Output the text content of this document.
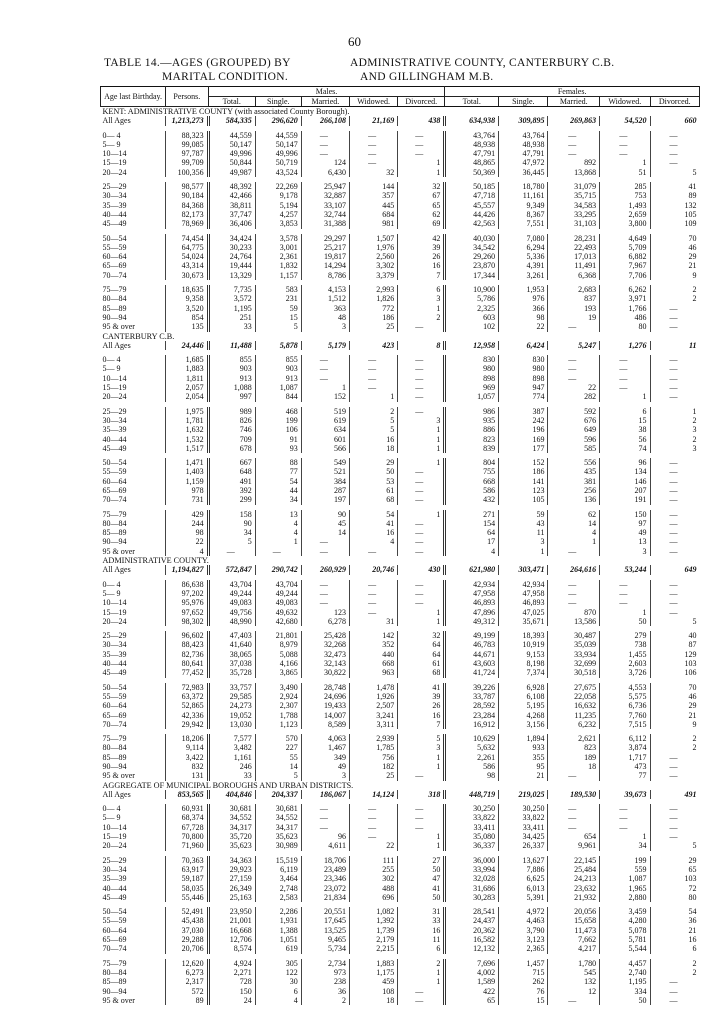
60
TABLE 14.—AGES (GROUPED) BY
MARITAL CONDITION.
ADMINISTRATIVE COUNTY, CANTERBURY C.B.
AND GILLINGHAM M.B.
Age last Birthday.	Persons.	Males.					Females.				
		Total.	Single.	Married.	Widowed.	Divorced.	Total.	Single.	Married.	Widowed.	Divorced.
KENT: ADMINISTRATIVE COUNTY (with associated County Borough).											
All Ages	1,213,273	584,335	296,620	266,108	21,169	438	634,938	309,895	269,863	54,520	660

0— 4	88,323	44,559	44,559	—	—	—	43,764	43,764	—	—	—
5— 9	99,085	50,147	50,147	—	—	—	48,938	48,938	—	—	—
10—14	97,787	49,996	49,996	—	—	—	47,791	47,791	—	—	—
15—19	99,709	50,844	50,719	124	—	1	48,865	47,972	892	1	—
20—24	100,356	49,987	43,524	6,430	32	1	50,369	36,445	13,868	51	5

25—29	98,577	48,392	22,269	25,947	144	32	50,185	18,780	31,079	285	41
30—34	90,184	42,466	9,178	32,887	357	67	47,718	11,161	35,715	753	89
35—39	84,368	38,811	5,194	33,107	445	65	45,557	9,349	34,583	1,493	132
40—44	82,173	37,747	4,257	32,744	684	62	44,426	8,367	33,295	2,659	105
45—49	78,969	36,406	3,853	31,388	981	69	42,563	7,551	31,103	3,800	109

50—54	74,454	34,424	3,578	29,297	1,507	42	40,030	7,080	28,231	4,649	70
55—59	64,775	30,233	3,001	25,217	1,976	39	34,542	6,294	22,493	5,709	46
60—64	54,024	24,764	2,361	19,817	2,560	26	29,260	5,336	17,013	6,882	29
65—69	43,314	19,444	1,832	14,294	3,302	16	23,870	4,391	11,491	7,967	21
70—74	30,673	13,329	1,157	8,786	3,379	7	17,344	3,261	6,368	7,706	9

75—79	18,635	7,735	583	4,153	2,993	6	10,900	1,953	2,683	6,262	2
80—84	9,358	3,572	231	1,512	1,826	3	5,786	976	837	3,971	2
85—89	3,520	1,195	59	363	772	1	2,325	366	193	1,766	—
90—94	854	251	15	48	186	2	603	98	19	486	—
95 & over	135	33	5	3	25	—	102	22	—	80	—
CANTERBURY C.B.											
All Ages	24,446	11,488	5,878	5,179	423	8	12,958	6,424	5,247	1,276	11

0— 4	1,685	855	855	—	—	—	830	830	—	—	—
5— 9	1,883	903	903	—	—	—	980	980	—	—	—
10—14	1,811	913	913	—	—	—	898	898	—	—	—
15—19	2,057	1,088	1,087	1	—	—	969	947	22	—	—
20—24	2,054	997	844	152	1	—	1,057	774	282	1	—

25—29	1,975	989	468	519	2	—	986	387	592	6	1
30—34	1,781	826	199	619	5	3	935	242	676	15	2
35—39	1,632	746	106	634	5	1	886	196	649	38	3
40—44	1,532	709	91	601	16	1	823	169	596	56	2
45—49	1,517	678	93	566	18	1	839	177	585	74	3

50—54	1,471	667	88	549	29	1	804	152	556	96	—
55—59	1,403	648	77	521	50	—	755	186	435	134	—
60—64	1,159	491	54	384	53	—	668	141	381	146	—
65—69	978	392	44	287	61	—	586	123	256	207	—
70—74	731	299	34	197	68	—	432	105	136	191	—

75—79	429	158	13	90	54	1	271	59	62	150	—
80—84	244	90	4	45	41	—	154	43	14	97	—
85—89	98	34	4	14	16	—	64	11	4	49	—
90—94	22	5	1	—	4	—	17	3	1	13	—
95 & over	4	—	—	—	—	—	4	1	—	3	—
ADMINISTRATIVE COUNTY.											
All Ages	1,194,827	572,847	290,742	260,929	20,746	430	621,980	303,471	264,616	53,244	649

0— 4	86,638	43,704	43,704	—	—	—	42,934	42,934	—	—	—
5— 9	97,202	49,244	49,244	—	—	—	47,958	47,958	—	—	—
10—14	95,976	49,083	49,083	—	—	—	46,893	46,893	—	—	—
15—19	97,652	49,756	49,632	123	—	1	47,896	47,025	870	1	—
20—24	98,302	48,990	42,680	6,278	31	1	49,312	35,671	13,586	50	5

25—29	96,602	47,403	21,801	25,428	142	32	49,199	18,393	30,487	279	40
30—34	88,423	41,640	8,979	32,268	352	64	46,783	10,919	35,039	738	87
35—39	82,736	38,065	5,088	32,473	440	64	44,671	9,153	33,934	1,455	129
40—44	80,641	37,038	4,166	32,143	668	61	43,603	8,198	32,699	2,603	103
45—49	77,452	35,728	3,865	30,822	963	68	41,724	7,374	30,518	3,726	106

50—54	72,983	33,757	3,490	28,748	1,478	41	39,226	6,928	27,675	4,553	70
55—59	63,372	29,585	2,924	24,696	1,926	39	33,787	6,108	22,058	5,575	46
60—64	52,865	24,273	2,307	19,433	2,507	26	28,592	5,195	16,632	6,736	29
65—69	42,336	19,052	1,788	14,007	3,241	16	23,284	4,268	11,235	7,760	21
70—74	29,942	13,030	1,123	8,589	3,311	7	16,912	3,156	6,232	7,515	9

75—79	18,206	7,577	570	4,063	2,939	5	10,629	1,894	2,621	6,112	2
80—84	9,114	3,482	227	1,467	1,785	3	5,632	933	823	3,874	2
85—89	3,422	1,161	55	349	756	1	2,261	355	189	1,717	—
90—94	832	246	14	49	182	1	586	95	18	473	—
95 & over	131	33	5	3	25	—	98	21	—	77	—
AGGREGATE OF MUNICIPAL BOROUGHS AND URBAN DISTRICTS.											
All Ages	853,565	404,846	204,337	186,067	14,124	318	448,719	219,025	189,530	39,673	491

0— 4	60,931	30,681	30,681	—	—	—	30,250	30,250	—	—	—
5— 9	68,374	34,552	34,552	—	—	—	33,822	33,822	—	—	—
10—14	67,728	34,317	34,317	—	—	—	33,411	33,411	—	—	—
15—19	70,800	35,720	35,623	96	—	1	35,080	34,425	654	1	—
20—24	71,960	35,623	30,989	4,611	22	1	36,337	26,337	9,961	34	5

25—29	70,363	34,363	15,519	18,706	111	27	36,000	13,627	22,145	199	29
30—34	63,917	29,923	6,119	23,489	255	50	33,994	7,886	25,484	559	65
35—39	59,187	27,159	3,464	23,346	302	47	32,028	6,625	24,213	1,087	103
40—44	58,035	26,349	2,748	23,072	488	41	31,686	6,013	23,632	1,965	72
45—49	55,446	25,163	2,583	21,834	696	50	30,283	5,391	21,932	2,880	80

50—54	52,491	23,950	2,286	20,551	1,082	31	28,541	4,972	20,056	3,459	54
55—59	45,438	21,001	1,931	17,645	1,392	33	24,437	4,463	15,658	4,280	36
60—64	37,030	16,668	1,388	13,525	1,739	16	20,362	3,790	11,473	5,078	21
65—69	29,288	12,706	1,051	9,465	2,179	11	16,582	3,123	7,662	5,781	16
70—74	20,706	8,574	619	5,734	2,215	6	12,132	2,365	4,217	5,544	6

75—79	12,620	4,924	305	2,734	1,883	2	7,696	1,457	1,780	4,457	2
80—84	6,273	2,271	122	973	1,175	1	4,002	715	545	2,740	2
85—89	2,317	728	30	238	459	1	1,589	262	132	1,195	—
90—94	572	150	6	36	108	—	422	76	12	334	—
95 & over	89	24	4	2	18	—	65	15	—	50	—
